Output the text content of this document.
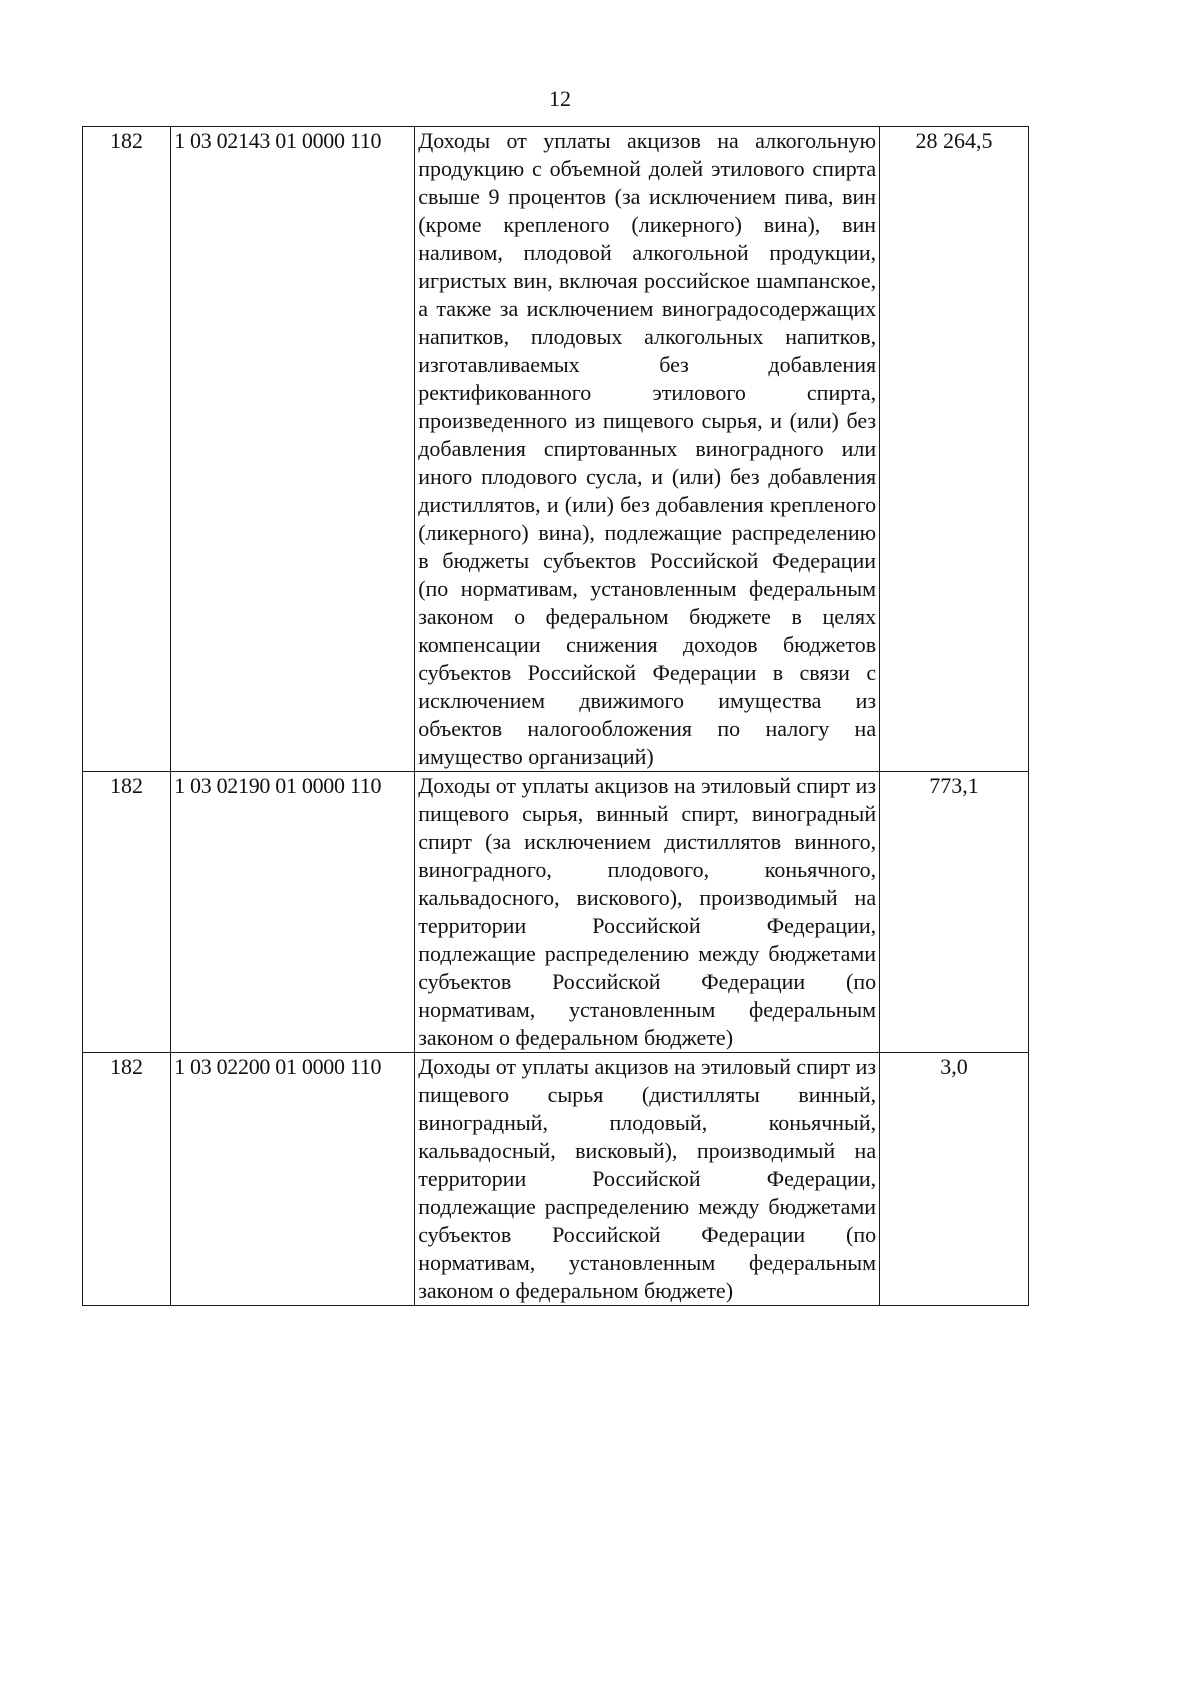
12
182	1 03 02143 01 0000 110	Доходы от уплаты акцизов на алкогольную продукцию с объемной долей этилового спирта свыше 9 процентов (за исключением пива, вин (кроме крепленого (ликерного) вина), вин наливом, плодовой алкогольной продукции, игристых вин, включая российское шампанское, а также за исключением виноградосодержащих напитков, плодовых алкогольных напитков, изготавливаемых без добавления ректификованного этилового спирта, произведенного из пищевого сырья, и (или) без добавления спиртованных виноградного или иного плодового сусла, и (или) без добавления дистиллятов, и (или) без добавления крепленого (ликерного) вина), подлежащие распределению в бюджеты субъектов Российской Федерации (по нормативам, установленным федеральным законом о федеральном бюджете в целях компенсации снижения доходов бюджетов субъектов Российской Федерации в связи с исключением движимого имущества из объектов налогообложения по налогу на имущество организаций)	28 264,5
182	1 03 02190 01 0000 110	Доходы от уплаты акцизов на этиловый спирт из пищевого сырья, винный спирт, виноградный спирт (за исключением дистиллятов винного, виноградного, плодового, коньячного, кальвадосного, вискового), производимый на территории Российской Федерации, подлежащие распределению между бюджетами субъектов Российской Федерации (по нормативам, установленным федеральным законом о федеральном бюджете)	773,1
182	1 03 02200 01 0000 110	Доходы от уплаты акцизов на этиловый спирт из пищевого сырья (дистилляты винный, виноградный, плодовый, коньячный, кальвадосный, висковый), производимый на территории Российской Федерации, подлежащие распределению между бюджетами субъектов Российской Федерации (по нормативам, установленным федеральным законом о федеральном бюджете)	3,0
